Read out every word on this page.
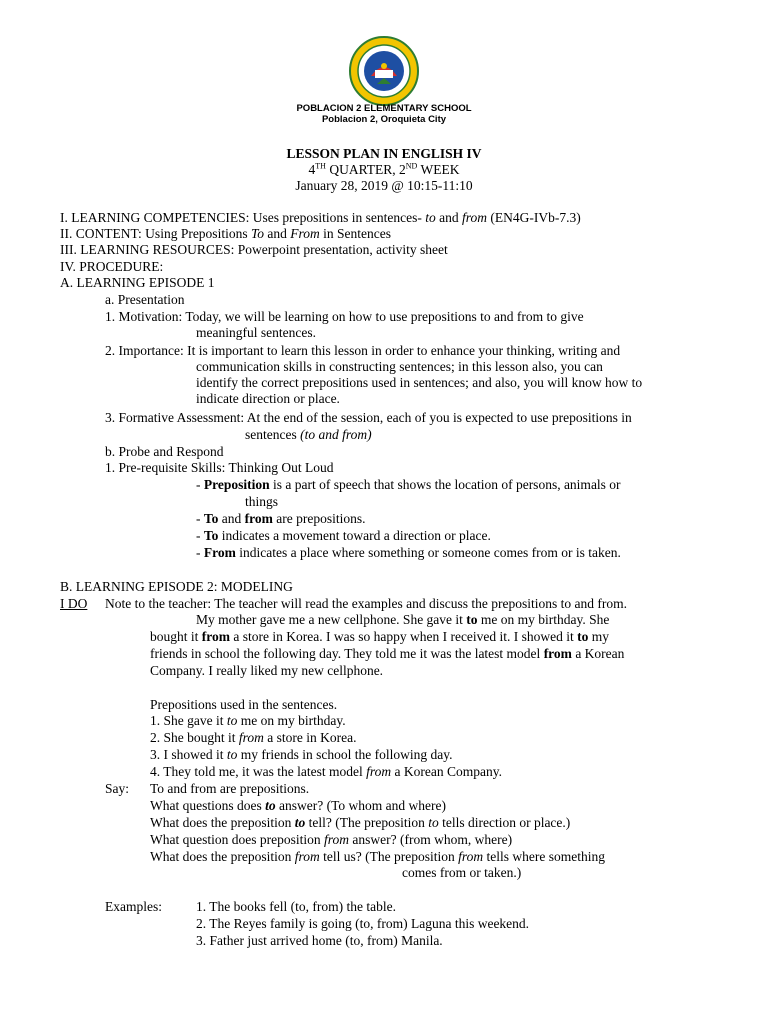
POBLACION 2 ELEMENTARY SCHOOL
Poblacion 2, Oroquieta City
LESSON PLAN IN ENGLISH IV
4TH QUARTER, 2ND WEEK
January 28, 2019 @ 10:15-11:10
I. LEARNING COMPETENCIES: Uses prepositions in sentences- to and from (EN4G-IVb-7.3)
II. CONTENT: Using Prepositions To and From in Sentences
III. LEARNING RESOURCES: Powerpoint presentation, activity sheet
IV. PROCEDURE:
A. LEARNING EPISODE 1
a. Presentation
1. Motivation: Today, we will be learning on how to use prepositions to and from to give
meaningful sentences.
2. Importance: It is important to learn this lesson in order to enhance your thinking, writing and
communication skills in constructing sentences; in this lesson also, you can
identify the correct prepositions used in sentences; and also, you will know how to
indicate direction or place.
3. Formative Assessment: At the end of the session, each of you is expected to use prepositions in
sentences (to and from)
b. Probe and Respond
1. Pre-requisite Skills: Thinking Out Loud
- Preposition is a part of speech that shows the location of persons, animals or
things
- To and from are prepositions.
- To indicates a movement toward a direction or place.
- From indicates a place where something or someone comes from or is taken.
B. LEARNING EPISODE 2: MODELING
I DO Note to the teacher: The teacher will read the examples and discuss the prepositions to and from.
My mother gave me a new cellphone. She gave it to me on my birthday. She
bought it from a store in Korea. I was so happy when I received it. I showed it to my
friends in school the following day. They told me it was the latest model from a Korean
Company. I really liked my new cellphone.
Prepositions used in the sentences.
1. She gave it to me on my birthday.
2. She bought it from a store in Korea.
3. I showed it to my friends in school the following day.
4. They told me, it was the latest model from a Korean Company.
Say: To and from are prepositions.
What questions does to answer? (To whom and where)
What does the preposition to tell? (The preposition to tells direction or place.)
What question does preposition from answer? (from whom, where)
What does the preposition from tell us? (The preposition from tells where something
comes from or taken.)
Examples:	1. The books fell (to, from) the table.
2. The Reyes family is going (to, from) Laguna this weekend.
3. Father just arrived home (to, from) Manila.
